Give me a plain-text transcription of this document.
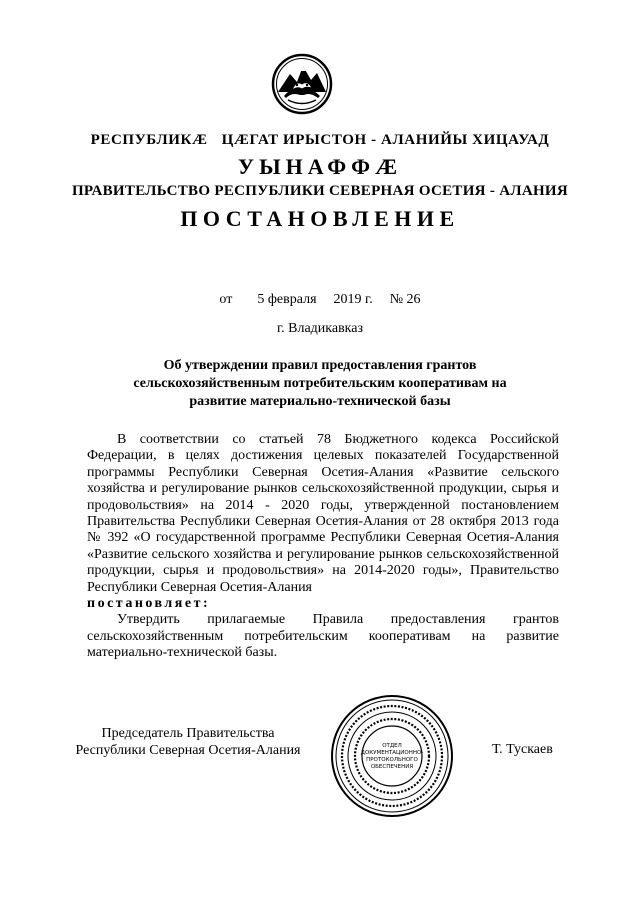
РЕСПУБЛИКÆ ЦÆГАТ ИРЫСТОН - АЛАНИЙЫ ХИЦАУАД
УЫНАФФÆ
ПРАВИТЕЛЬСТВО РЕСПУБЛИКИ СЕВЕРНАЯ ОСЕТИЯ - АЛАНИЯ
ПОСТАНОВЛЕНИЕ
от 5 февраля 2019 г. № 26
г. Владикавказ
Об утверждении правил предоставления грантов сельскохозяйственным потребительским кооперативам на развитие материально-технической базы

В соответствии со статьей 78 Бюджетного кодекса Российской Федерации, в целях достижения целевых показателей Государственной программы Республики Северная Осетия-Алания «Развитие сельского хозяйства и регулирование рынков сельскохозяйственной продукции, сырья и продовольствия» на 2014 - 2020 годы, утвержденной постановлением Правительства Республики Северная Осетия-Алания от 28 октября 2013 года № 392 «О государственной программе Республики Северная Осетия-Алания «Развитие сельского хозяйства и регулирование рынков сельскохозяйственной продукции, сырья и продовольствия» на 2014-2020 годы», Правительство Республики Северная Осетия-Алания
постановляет:

Утвердить прилагаемые Правила предоставления грантов сельскохозяйственным потребительским кооперативам на развитие материально-технической базы.

Председатель Правительства
Республики Северная Осетия-Алания	ОТДЕЛ
ДОКУМЕНТАЦИОННО-
ПРОТОКОЛЬНОГО
ОБЕСПЕЧЕНИЯ
Т. Тускаев
